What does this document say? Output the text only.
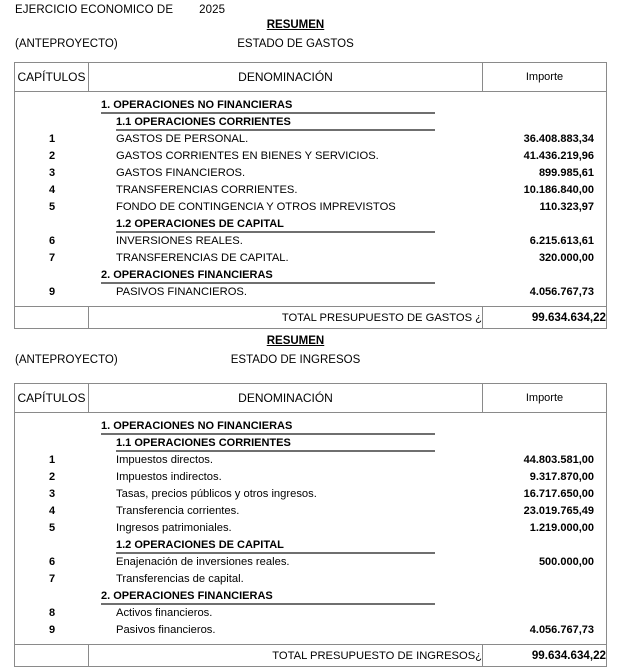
EJERCICIO ECONOMICO DE 2025
RESUMEN
(ANTEPROYECTO)	ESTADO DE GASTOS
CAPÍTULOS	DENOMINACIÓN	Importe

1. OPERACIONES NO FINANCIERAS
1.1 OPERACIONES CORRIENTES
1	GASTOS DE PERSONAL.	36.408.883,34
2	GASTOS CORRIENTES EN BIENES Y SERVICIOS.	41.436.219,96
3	GASTOS FINANCIEROS.	899.985,61
4	TRANSFERENCIAS CORRIENTES.	10.186.840,00
5	FONDO DE CONTINGENCIA Y OTROS IMPREVISTOS	110.323,97
1.2 OPERACIONES DE CAPITAL
6	INVERSIONES REALES.	6.215.613,61
7	TRANSFERENCIAS DE CAPITAL.	320.000,00
2. OPERACIONES FINANCIERAS
9	PASIVOS FINANCIEROS.	4.056.767,73

	TOTAL PRESUPUESTO DE GASTOS ¿	99.634.634,22
RESUMEN
(ANTEPROYECTO)	ESTADO DE INGRESOS
CAPÍTULOS	DENOMINACIÓN	Importe

1. OPERACIONES NO FINANCIERAS
1.1 OPERACIONES CORRIENTES
1	Impuestos directos.	44.803.581,00
2	Impuestos indirectos.	9.317.870,00
3	Tasas, precios públicos y otros ingresos.	16.717.650,00
4	Transferencia corrientes.	23.019.765,49
5	Ingresos patrimoniales.	1.219.000,00
1.2 OPERACIONES DE CAPITAL
6	Enajenación de inversiones reales.	500.000,00
7	Transferencias de capital.
2. OPERACIONES FINANCIERAS
8	Activos financieros.
9	Pasivos financieros.	4.056.767,73

	TOTAL PRESUPUESTO DE INGRESOS¿	99.634.634,22
